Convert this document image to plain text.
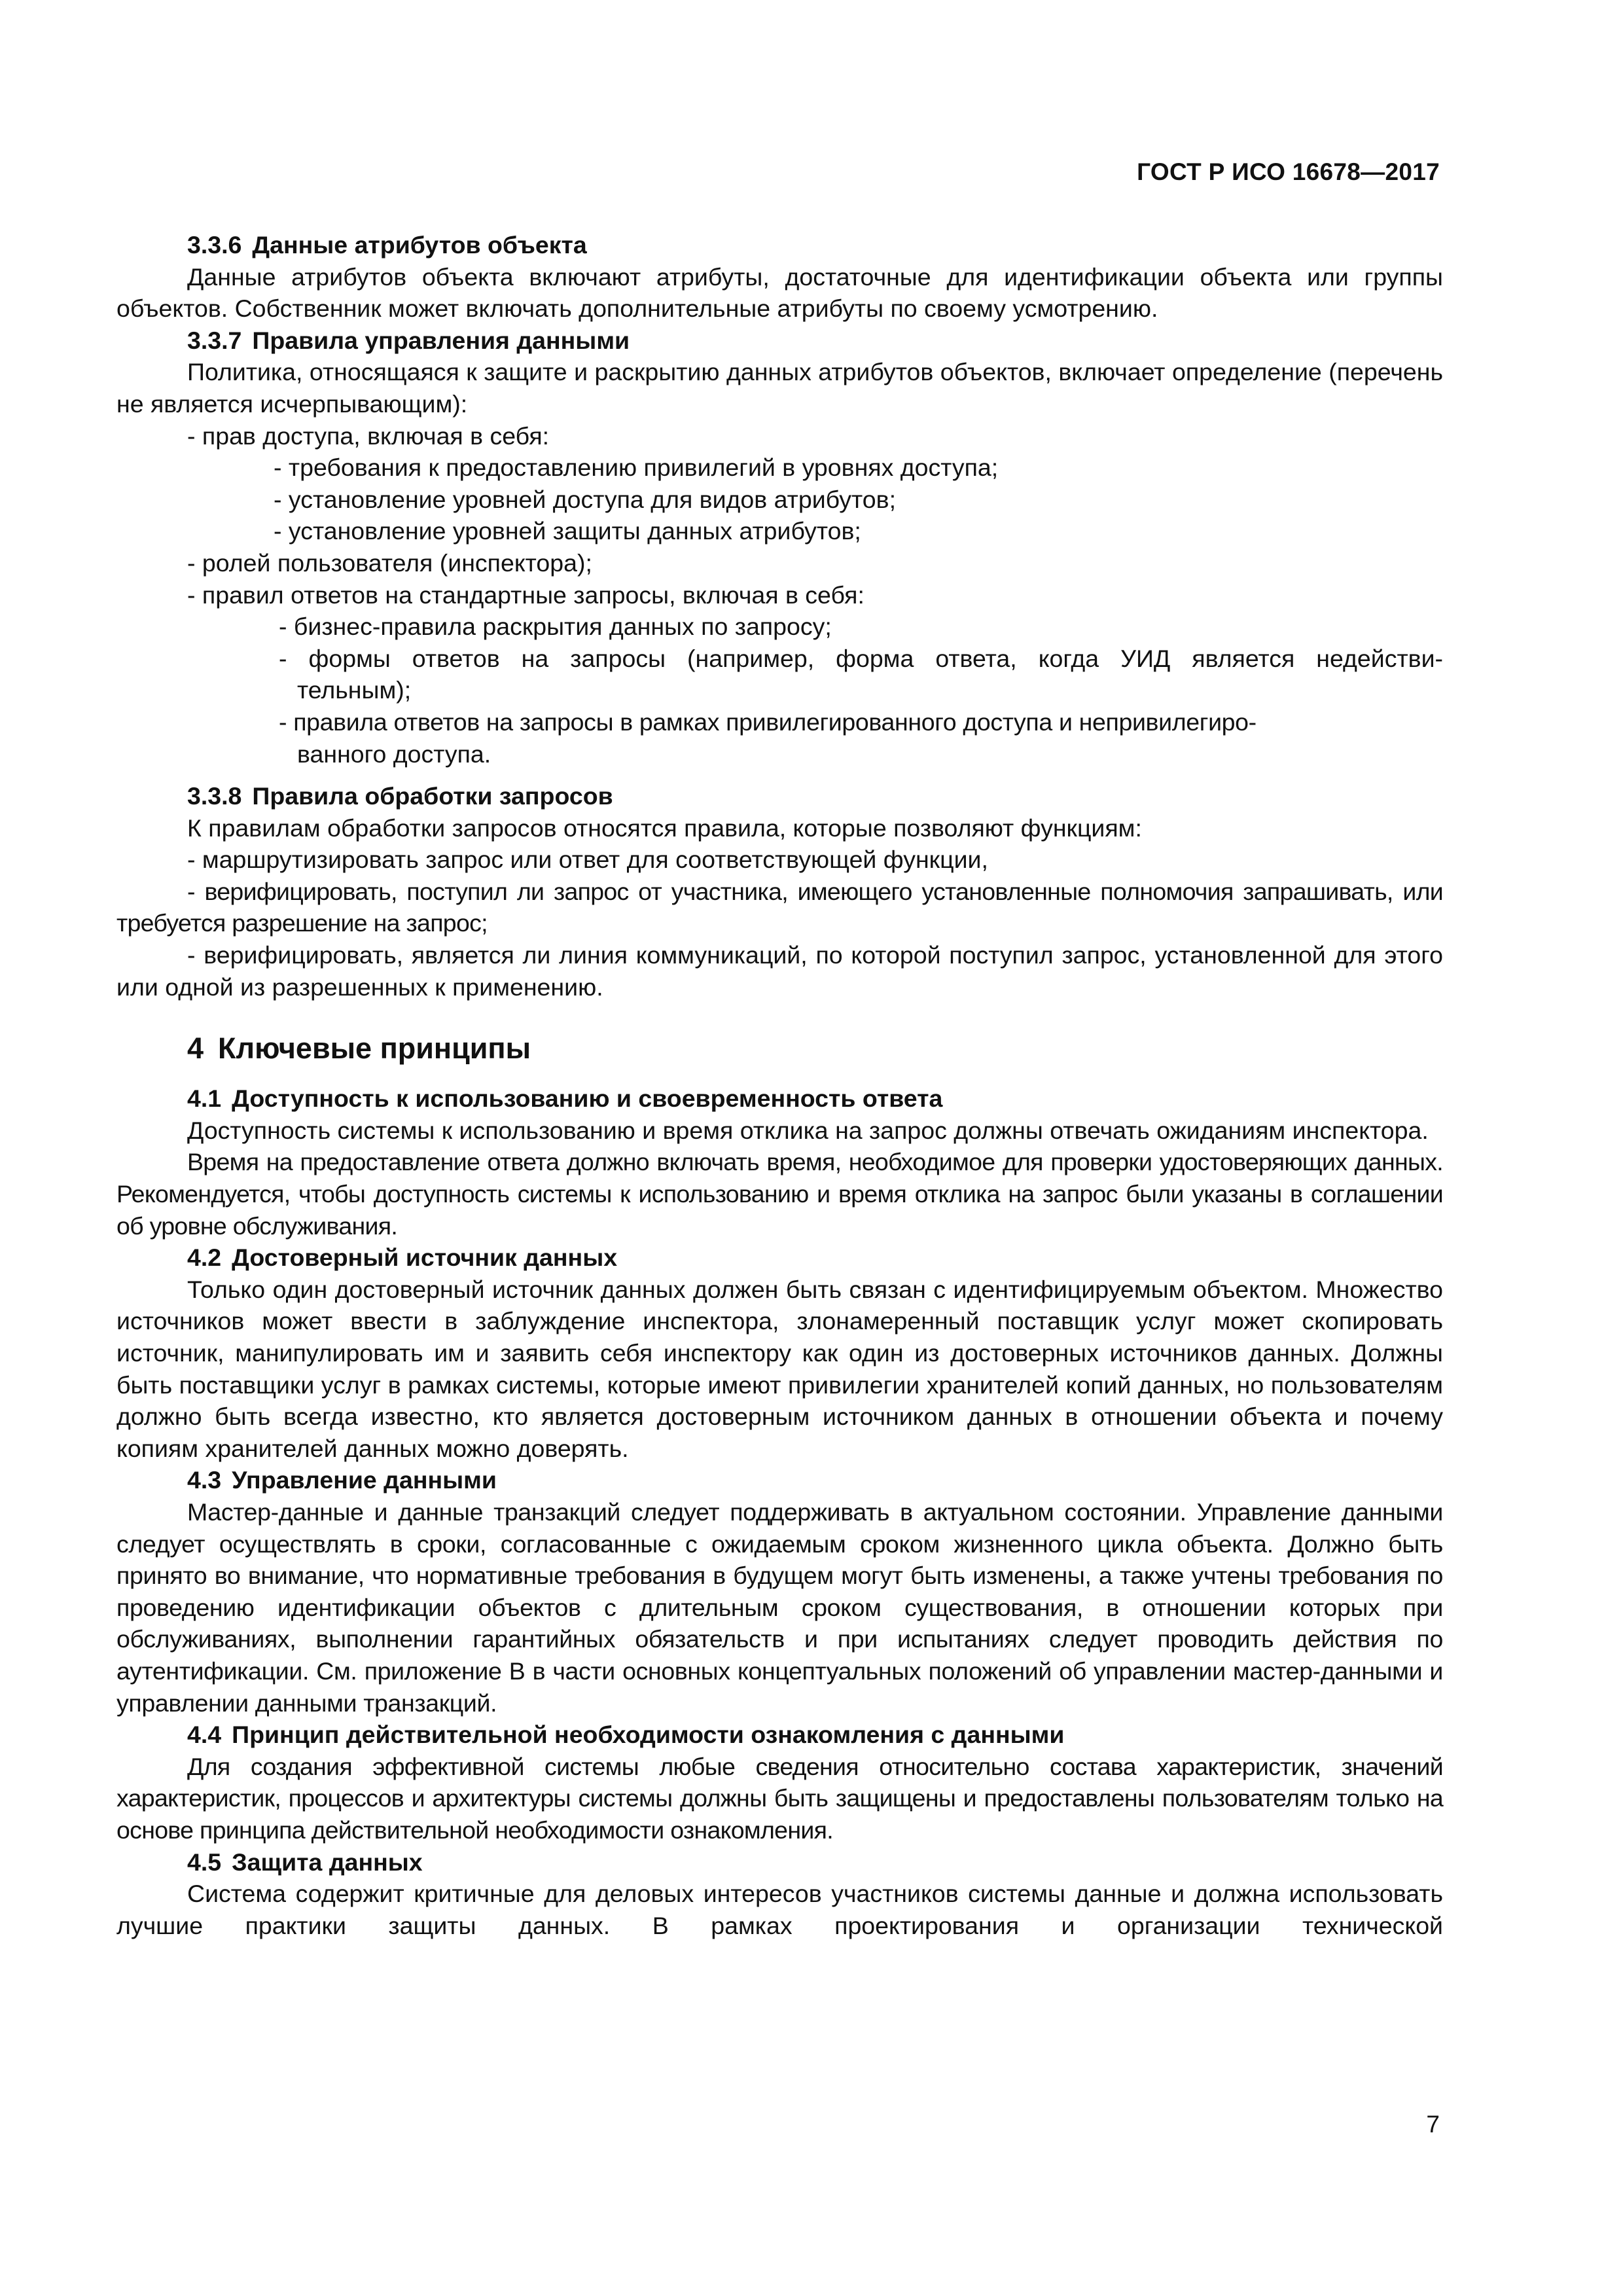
ГОСТ Р ИСО 16678—2017
3.3.6 Данные атрибутов объекта

Данные атрибутов объекта включают атрибуты, достаточные для идентификации объекта или группы объектов. Собственник может включать дополнительные атрибуты по своему усмотрению.

3.3.7 Правила управления данными

Политика, относящаяся к защите и раскрытию данных атрибутов объектов, включает определение (перечень не является исчерпывающим):

- прав доступа, включая в себя:

- требования к предоставлению привилегий в уровнях доступа;

- установление уровней доступа для видов атрибутов;

- установление уровней защиты данных атрибутов;

- ролей пользователя (инспектора);

- правил ответов на стандартные запросы, включая в себя:

- бизнес-правила раскрытия данных по запросу;

- формы ответов на запросы (например, форма ответа, когда УИД является недействи-

тельным);

- правила ответов на запросы в рамках привилегированного доступа и непривилегиро-

ванного доступа.

3.3.8 Правила обработки запросов

К правилам обработки запросов относятся правила, которые позволяют функциям:

- маршрутизировать запрос или ответ для соответствующей функции,

- верифицировать, поступил ли запрос от участника, имеющего установленные полномочия запрашивать, или требуется разрешение на запрос;

- верифицировать, является ли линия коммуникаций, по которой поступил запрос, установленной для этого или одной из разрешенных к применению.

4 Ключевые принципы
4.1 Доступность к использованию и своевременность ответа

Доступность системы к использованию и время отклика на запрос должны отвечать ожиданиям инспектора.

Время на предоставление ответа должно включать время, необходимое для проверки удостоверяющих данных. Рекомендуется, чтобы доступность системы к использованию и время отклика на запрос были указаны в соглашении об уровне обслуживания.

4.2 Достоверный источник данных

Только один достоверный источник данных должен быть связан с идентифицируемым объектом. Множество источников может ввести в заблуждение инспектора, злонамеренный поставщик услуг может скопировать источник, манипулировать им и заявить себя инспектору как один из достоверных источников данных. Должны быть поставщики услуг в рамках системы, которые имеют привилегии хранителей копий данных, но пользователям должно быть всегда известно, кто является достоверным источником данных в отношении объекта и почему копиям хранителей данных можно доверять.

4.3 Управление данными

Мастер-данные и данные транзакций следует поддерживать в актуальном состоянии. Управление данными следует осуществлять в сроки, согласованные с ожидаемым сроком жизненного цикла объекта. Должно быть принято во внимание, что нормативные требования в будущем могут быть изменены, а также учтены требования по проведению идентификации объектов с длительным сроком существования, в отношении которых при обслуживаниях, выполнении гарантийных обязательств и при испытаниях следует проводить действия по аутентификации. См. приложение В в части основных концептуальных положений об управлении мастер-данными и управлении данными транзакций.

4.4 Принцип действительной необходимости ознакомления с данными

Для создания эффективной системы любые сведения относительно состава характеристик, значений характеристик, процессов и архитектуры системы должны быть защищены и предоставлены пользователям только на основе принципа действительной необходимости ознакомления.

4.5 Защита данных

Система содержит критичные для деловых интересов участников системы данные и должна использовать лучшие практики защиты данных. В рамках проектирования и организации технической

7
